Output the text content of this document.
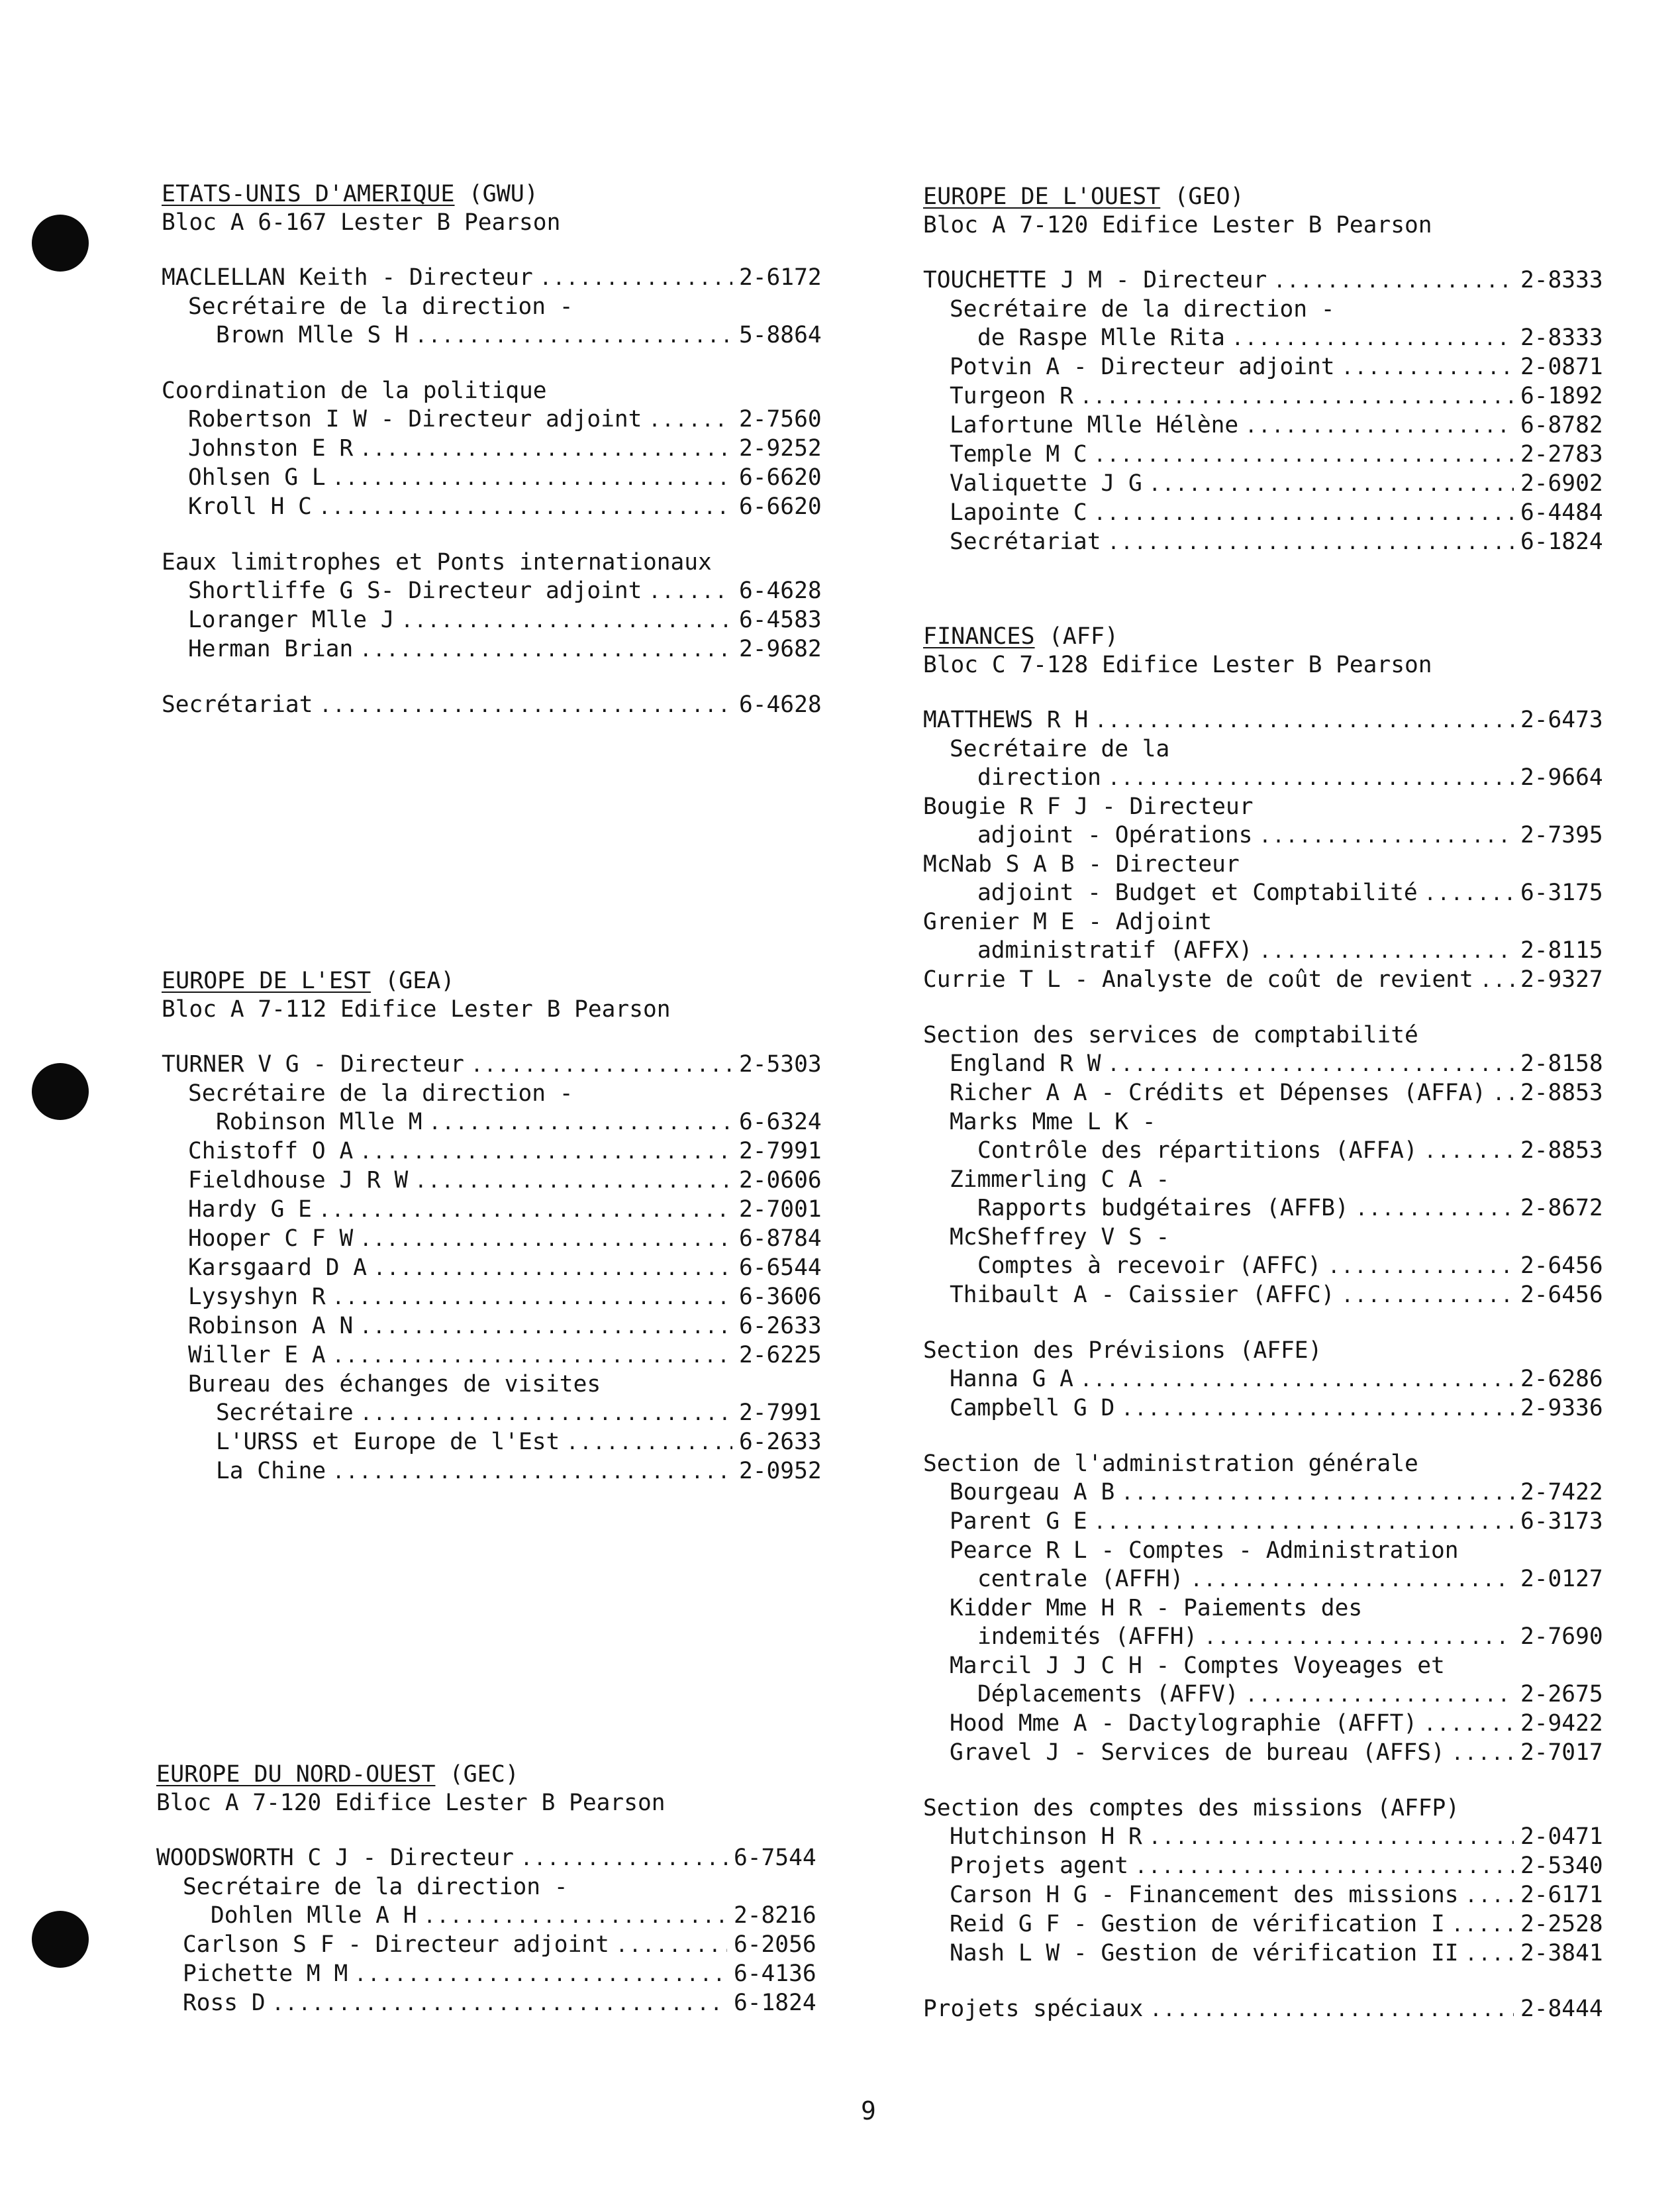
ETATS-UNIS D'AMERIQUE (GWU)
Bloc A 6-167 Lester B Pearson
MACLELLAN Keith - Directeur .....	2-6172
Secrétaire de la direction -
Brown Mlle S H .....	5-8864
Coordination de la politique
Robertson I W - Directeur adjoint .....	2-7560
Johnston E R .....	2-9252
Ohlsen G L .....	6-6620
Kroll H C .....	6-6620
Eaux limitrophes et Ponts internationaux
Shortliffe G S- Directeur adjoint .....	6-4628
Loranger Mlle J .....	6-4583
Herman Brian .....	2-9682
Secrétariat .....	6-4628
EUROPE DE L'EST (GEA)
Bloc A 7-112 Edifice Lester B Pearson
TURNER V G - Directeur .....	2-5303
Secrétaire de la direction -
Robinson Mlle M .....	6-6324
Chistoff O A .....	2-7991
Fieldhouse J R W .....	2-0606
Hardy G E .....	2-7001
Hooper C F W .....	6-8784
Karsgaard D A .....	6-6544
Lysyshyn R .....	6-3606
Robinson A N .....	6-2633
Willer E A .....	2-6225
Bureau des échanges de visites
Secrétaire .....	2-7991
L'URSS et Europe de l'Est .....	6-2633
La Chine .....	2-0952
EUROPE DU NORD-OUEST (GEC)
Bloc A 7-120 Edifice Lester B Pearson
WOODSWORTH C J - Directeur .....	6-7544
Secrétaire de la direction -
Dohlen Mlle A H .....	2-8216
Carlson S F - Directeur adjoint .....	6-2056
Pichette M M .....	6-4136
Ross D .....	6-1824
EUROPE DE L'OUEST (GEO)
Bloc A 7-120 Edifice Lester B Pearson
TOUCHETTE J M - Directeur .....	2-8333
Secrétaire de la direction -
de Raspe Mlle Rita .....	2-8333
Potvin A - Directeur adjoint .....	2-0871
Turgeon R .....	6-1892
Lafortune Mlle Hélène .....	6-8782
Temple M C .....	2-2783
Valiquette J G .....	2-6902
Lapointe C .....	6-4484
Secrétariat .....	6-1824
FINANCES (AFF)
Bloc C 7-128 Edifice Lester B Pearson
MATTHEWS R H .....	2-6473
Secrétaire de la
direction .....	2-9664
Bougie R F J - Directeur
adjoint - Opérations .....	2-7395
McNab S A B - Directeur
adjoint - Budget et Comptabilité .....	6-3175
Grenier M E - Adjoint
administratif (AFFX) .....	2-8115
Currie T L - Analyste de coût de revient ..... 2-9327
Section des services de comptabilité
England R W .....	2-8158
Richer A A - Crédits et Dépenses (AFFA) ..... 2-8853
Marks Mme L K -
Contrôle des répartitions (AFFA) .....	2-8853
Zimmerling C A -
Rapports budgétaires (AFFB) .....	2-8672
McSheffrey V S -
Comptes à recevoir (AFFC) .....	2-6456
Thibault A - Caissier (AFFC) .....	2-6456
Section des Prévisions (AFFE)
Hanna G A .....	2-6286
Campbell G D .....	2-9336
Section de l'administration générale
Bourgeau A B .....	2-7422
Parent G E .....	6-3173
Pearce R L - Comptes - Administration
centrale (AFFH) .....	2-0127
Kidder Mme H R - Paiements des
indemités (AFFH) .....	2-7690
Marcil J J C H - Comptes Voyeages et
Déplacements (AFFV) .....	2-2675
Hood Mme A - Dactylographie (AFFT) .....	2-9422
Gravel J - Services de bureau (AFFS) .....	2-7017
Section des comptes des missions (AFFP)
Hutchinson H R .....	2-0471
Projets agent .....	2-5340
Carson H G - Financement des missions .....	2-6171
Reid G F - Gestion de vérification I .....	2-2528
Nash L W - Gestion de vérification II .....	2-3841
Projets spéciaux .....	2-8444
9
